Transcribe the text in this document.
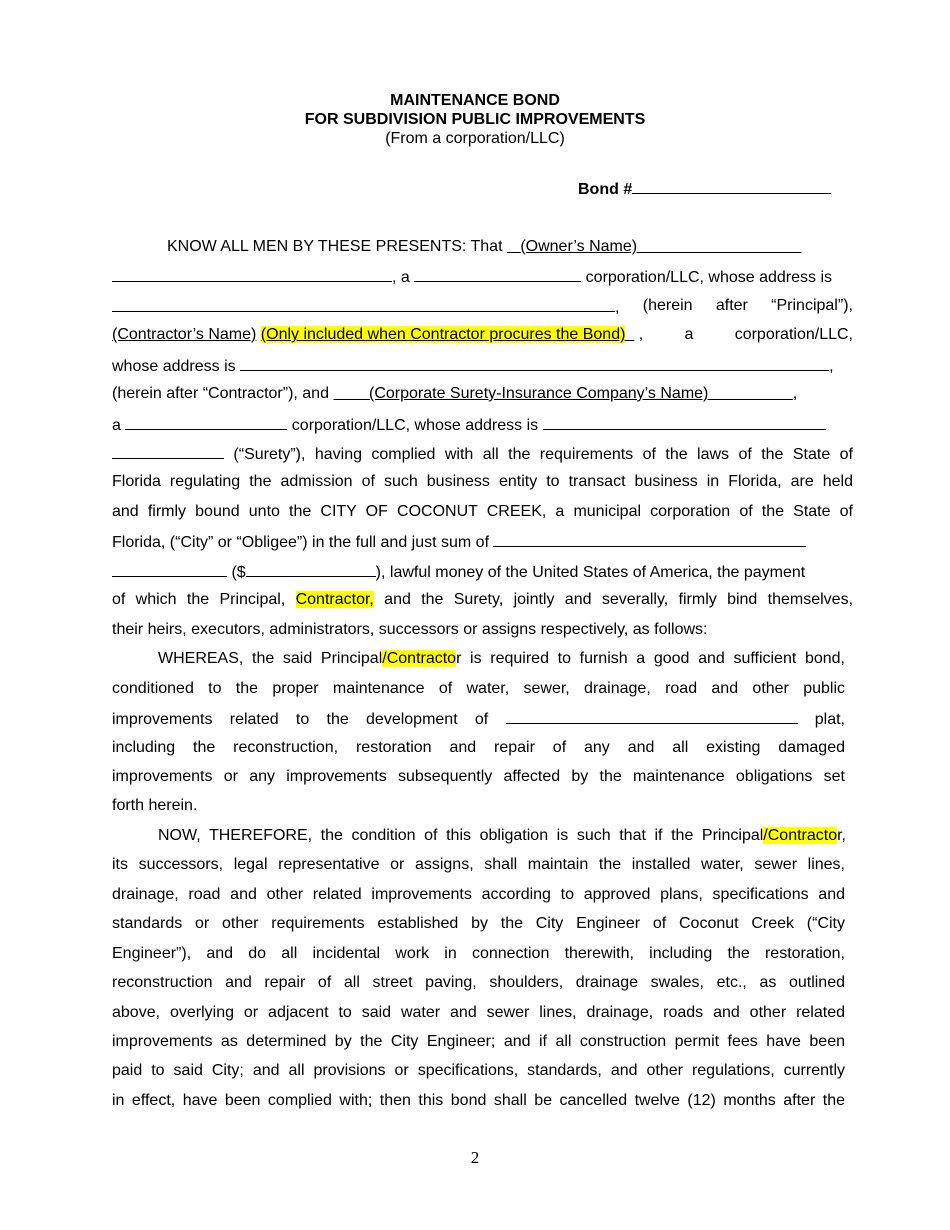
MAINTENANCE BOND
FOR SUBDIVISION PUBLIC IMPROVEMENTS
(From a corporation/LLC)
Bond #
KNOW ALL MEN BY THESE PRESENTS: That    (Owner’s Name)
, a	corporation/LLC, whose address is
, (herein after “Principal”),
(Contractor’s Name) (Only included when Contractor procures the Bond) ,	a	corporation/LLC,
whose address is	,
(herein after “Contractor”), and         (Corporate Surety-Insurance Company’s Name)	,
a	corporation/LLC, whose address is
(“Surety”), having complied with all the requirements of the laws of the State of
Florida regulating the admission of such business entity to transact business in Florida, are held
and firmly bound unto the CITY OF COCONUT CREEK, a municipal corporation of the State of
Florida, (“City” or “Obligee”) in the full and just sum of
($	), lawful money of the United States of America, the payment
of which the Principal, Contractor, and the Surety, jointly and severally, firmly bind themselves,
their heirs, executors, administrators, successors or assigns respectively, as follows:
WHEREAS, the said Principal/Contractor is required to furnish a good and sufficient bond,
conditioned to the proper maintenance of water, sewer, drainage, road and other public
improvements related to the development of	plat,
including the reconstruction, restoration and repair of any and all existing damaged
improvements or any improvements subsequently affected by the maintenance obligations set
forth herein.
NOW, THEREFORE, the condition of this obligation is such that if the Principal/Contractor,
its successors, legal representative or assigns, shall maintain the installed water, sewer lines,
drainage, road and other related improvements according to approved plans, specifications and
standards or other requirements established by the City Engineer of Coconut Creek (“City
Engineer”), and do all incidental work in connection therewith, including the restoration,
reconstruction and repair of all street paving, shoulders, drainage swales, etc., as outlined
above, overlying or adjacent to said water and sewer lines, drainage, roads and other related
improvements as determined by the City Engineer; and if all construction permit fees have been
paid to said City; and all provisions or specifications, standards, and other regulations, currently
in effect, have been complied with; then this bond shall be cancelled twelve (12) months after the
2
